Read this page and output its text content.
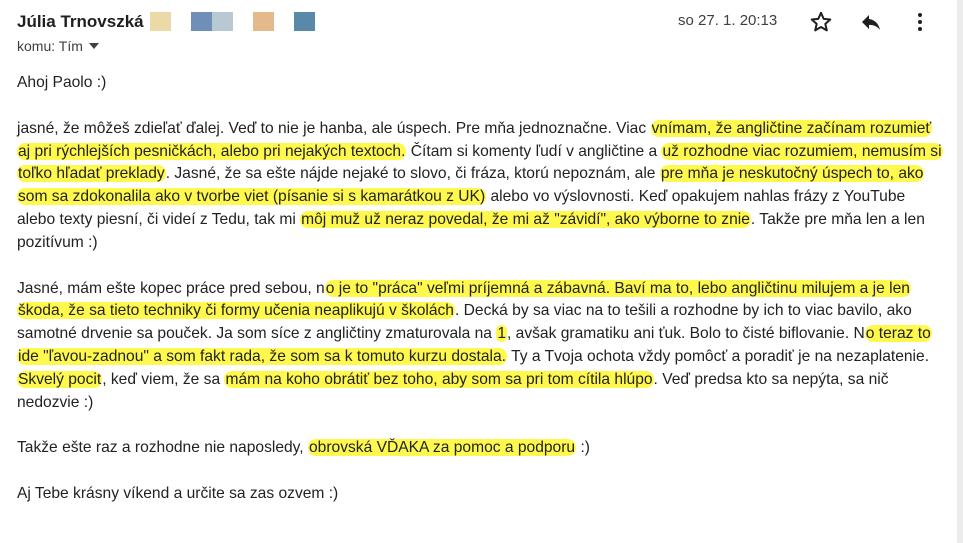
Júlia Trnovszká
komu: Tím
so 27. 1. 20:13

Ahoj Paolo :)

jasné, že môžeš zdieľať ďalej. Veď to nie je hanba, ale úspech. Pre mňa jednoznačne. Viac vnímam, že angličtine začínam rozumieť aj pri rýchlejších pesničkách, alebo pri nejakých textoch. Čítam si komenty ľudí v angličtine a už rozhodne viac rozumiem, nemusím si toľko hľadať preklady. Jasné, že sa ešte nájde nejaké to slovo, či fráza, ktorú nepoznám, ale pre mňa je neskutočný úspech to, ako som sa zdokonalila ako v tvorbe viet (písanie si s kamarátkou z UK) alebo vo výslovnosti. Keď opakujem nahlas frázy z YouTube alebo texty piesní, či videí z Tedu, tak mi môj muž už neraz povedal, že mi až "závidí", ako výborne to znie. Takže pre mňa len a len pozitívum :)

Jasné, mám ešte kopec práce pred sebou, no je to "práca" veľmi príjemná a zábavná. Baví ma to, lebo angličtinu milujem a je len škoda, že sa tieto techniky či formy učenia neaplikujú v školách. Decká by sa viac na to tešili a rozhodne by ich to viac bavilo, ako samotné drvenie sa pouček. Ja som síce z angličtiny zmaturovala na 1, avšak gramatiku ani ťuk. Bolo to čisté biflovanie. No teraz to ide "ľavou-zadnou" a som fakt rada, že som sa k tomuto kurzu dostala. Ty a Tvoja ochota vždy pomôcť a poradiť je na nezaplatenie. Skvelý pocit, keď viem, že sa mám na koho obrátiť bez toho, aby som sa pri tom cítila hlúpo. Veď predsa kto sa nepýta, sa nič nedozvie :)

Takže ešte raz a rozhodne nie naposledy, obrovská VĎAKA za pomoc a podporu :)

Aj Tebe krásny víkend a určite sa zas ozvem :)
